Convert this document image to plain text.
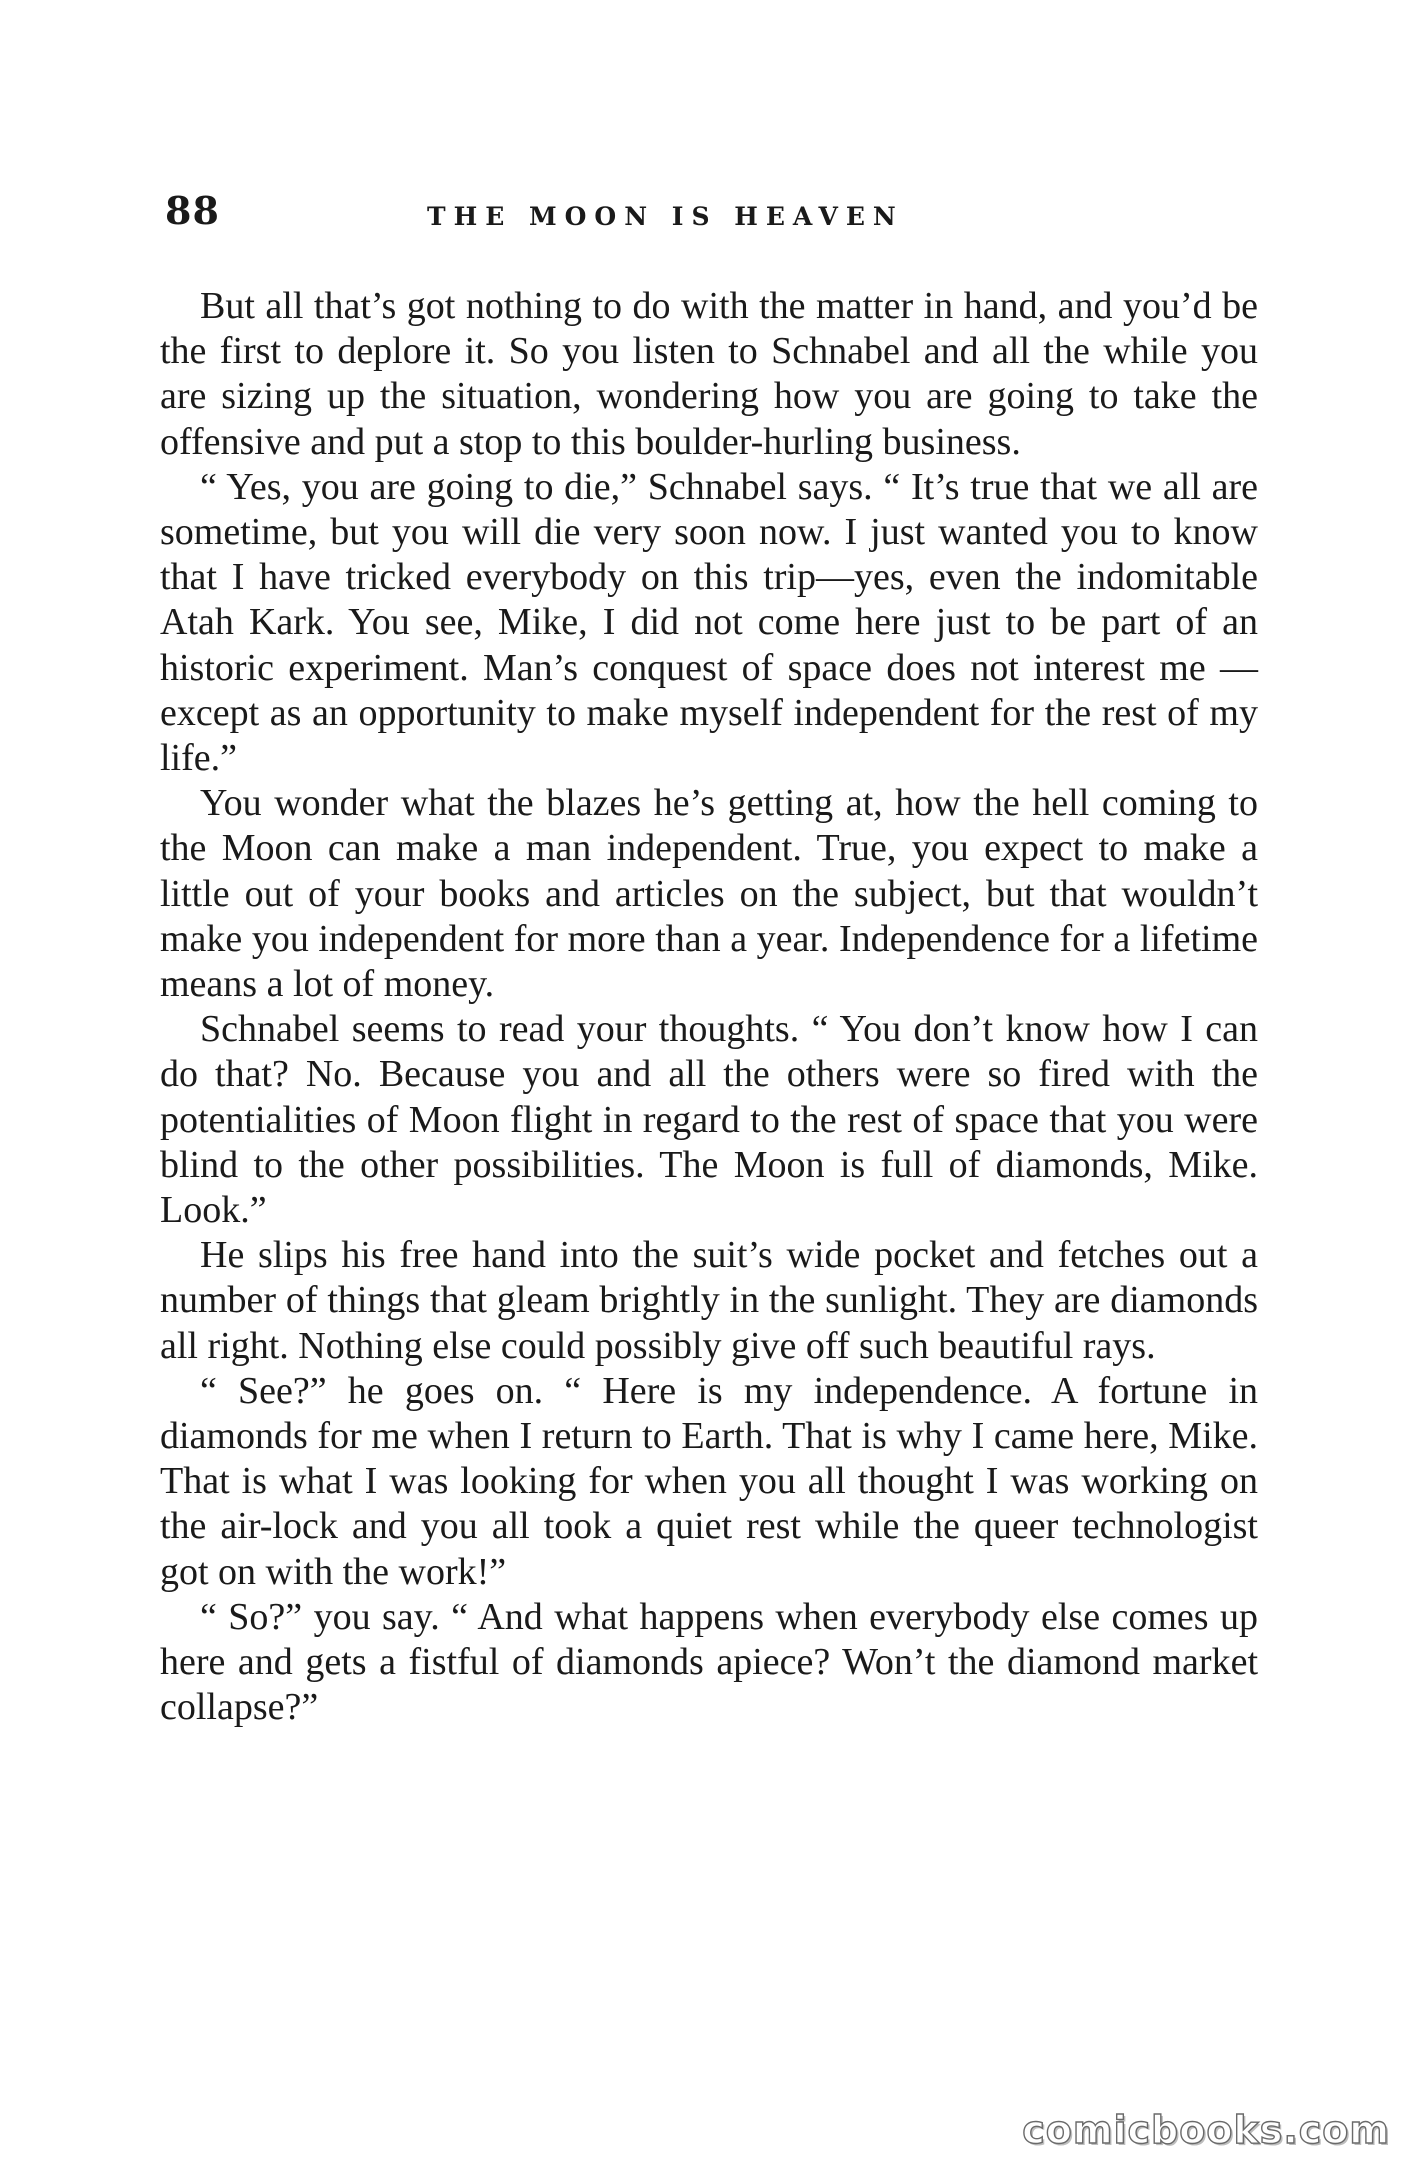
88	THE MOON IS HEAVEN

But all that’s got nothing to do with the matter in hand, and you’d be the first to deplore it. So you listen to Schnabel and all the while you are sizing up the situation, wondering how you are going to take the offensive and put a stop to this boulder-hurling business.

“ Yes, you are going to die,” Schnabel says. “ It’s true that we all are sometime, but you will die very soon now. I just wanted you to know that I have tricked everybody on this trip—yes, even the indomitable Atah Kark. You see, Mike, I did not come here just to be part of an historic experiment. Man’s conquest of space does not interest me —except as an opportunity to make myself independent for the rest of my life.”

You wonder what the blazes he’s getting at, how the hell coming to the Moon can make a man independent. True, you expect to make a little out of your books and articles on the subject, but that wouldn’t make you independent for more than a year. Independence for a lifetime means a lot of money.

Schnabel seems to read your thoughts. “ You don’t know how I can do that? No. Because you and all the others were so fired with the potentialities of Moon flight in regard to the rest of space that you were blind to the other possibilities. The Moon is full of diamonds, Mike. Look.”

He slips his free hand into the suit’s wide pocket and fetches out a number of things that gleam brightly in the sunlight. They are diamonds all right. Nothing else could possibly give off such beautiful rays.

“ See?” he goes on. “ Here is my independence. A fortune in diamonds for me when I return to Earth. That is why I came here, Mike. That is what I was looking for when you all thought I was working on the air-lock and you all took a quiet rest while the queer technologist got on with the work!”

“ So?” you say. “ And what happens when everybody else comes up here and gets a fistful of diamonds apiece? Won’t the diamond market collapse?”

comicbooks.com
